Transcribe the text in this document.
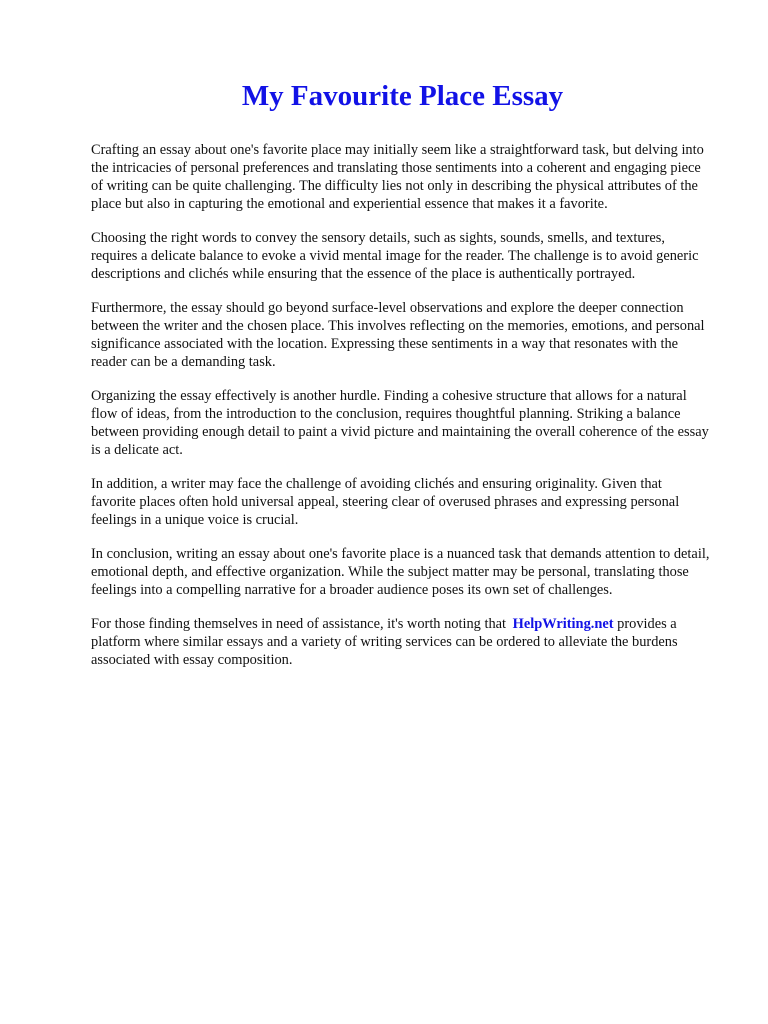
My Favourite Place Essay

Crafting an essay about one's favorite place may initially seem like a straightforward task, but delving into the intricacies of personal preferences and translating those sentiments into a coherent and engaging piece of writing can be quite challenging. The difficulty lies not only in describing the physical attributes of the place but also in capturing the emotional and experiential essence that makes it a favorite.

Choosing the right words to convey the sensory details, such as sights, sounds, smells, and textures, requires a delicate balance to evoke a vivid mental image for the reader. The challenge is to avoid generic descriptions and clichés while ensuring that the essence of the place is authentically portrayed.

Furthermore, the essay should go beyond surface-level observations and explore the deeper connection between the writer and the chosen place. This involves reflecting on the memories, emotions, and personal significance associated with the location. Expressing these sentiments in a way that resonates with the reader can be a demanding task.

Organizing the essay effectively is another hurdle. Finding a cohesive structure that allows for a natural flow of ideas, from the introduction to the conclusion, requires thoughtful planning. Striking a balance between providing enough detail to paint a vivid picture and maintaining the overall coherence of the essay is a delicate act.

In addition, a writer may face the challenge of avoiding clichés and ensuring originality. Given that favorite places often hold universal appeal, steering clear of overused phrases and expressing personal feelings in a unique voice is crucial.

In conclusion, writing an essay about one's favorite place is a nuanced task that demands attention to detail, emotional depth, and effective organization. While the subject matter may be personal, translating those feelings into a compelling narrative for a broader audience poses its own set of challenges.

For those finding themselves in need of assistance, it's worth noting that HelpWriting.net provides a platform where similar essays and a variety of writing services can be ordered to alleviate the burdens associated with essay composition.
